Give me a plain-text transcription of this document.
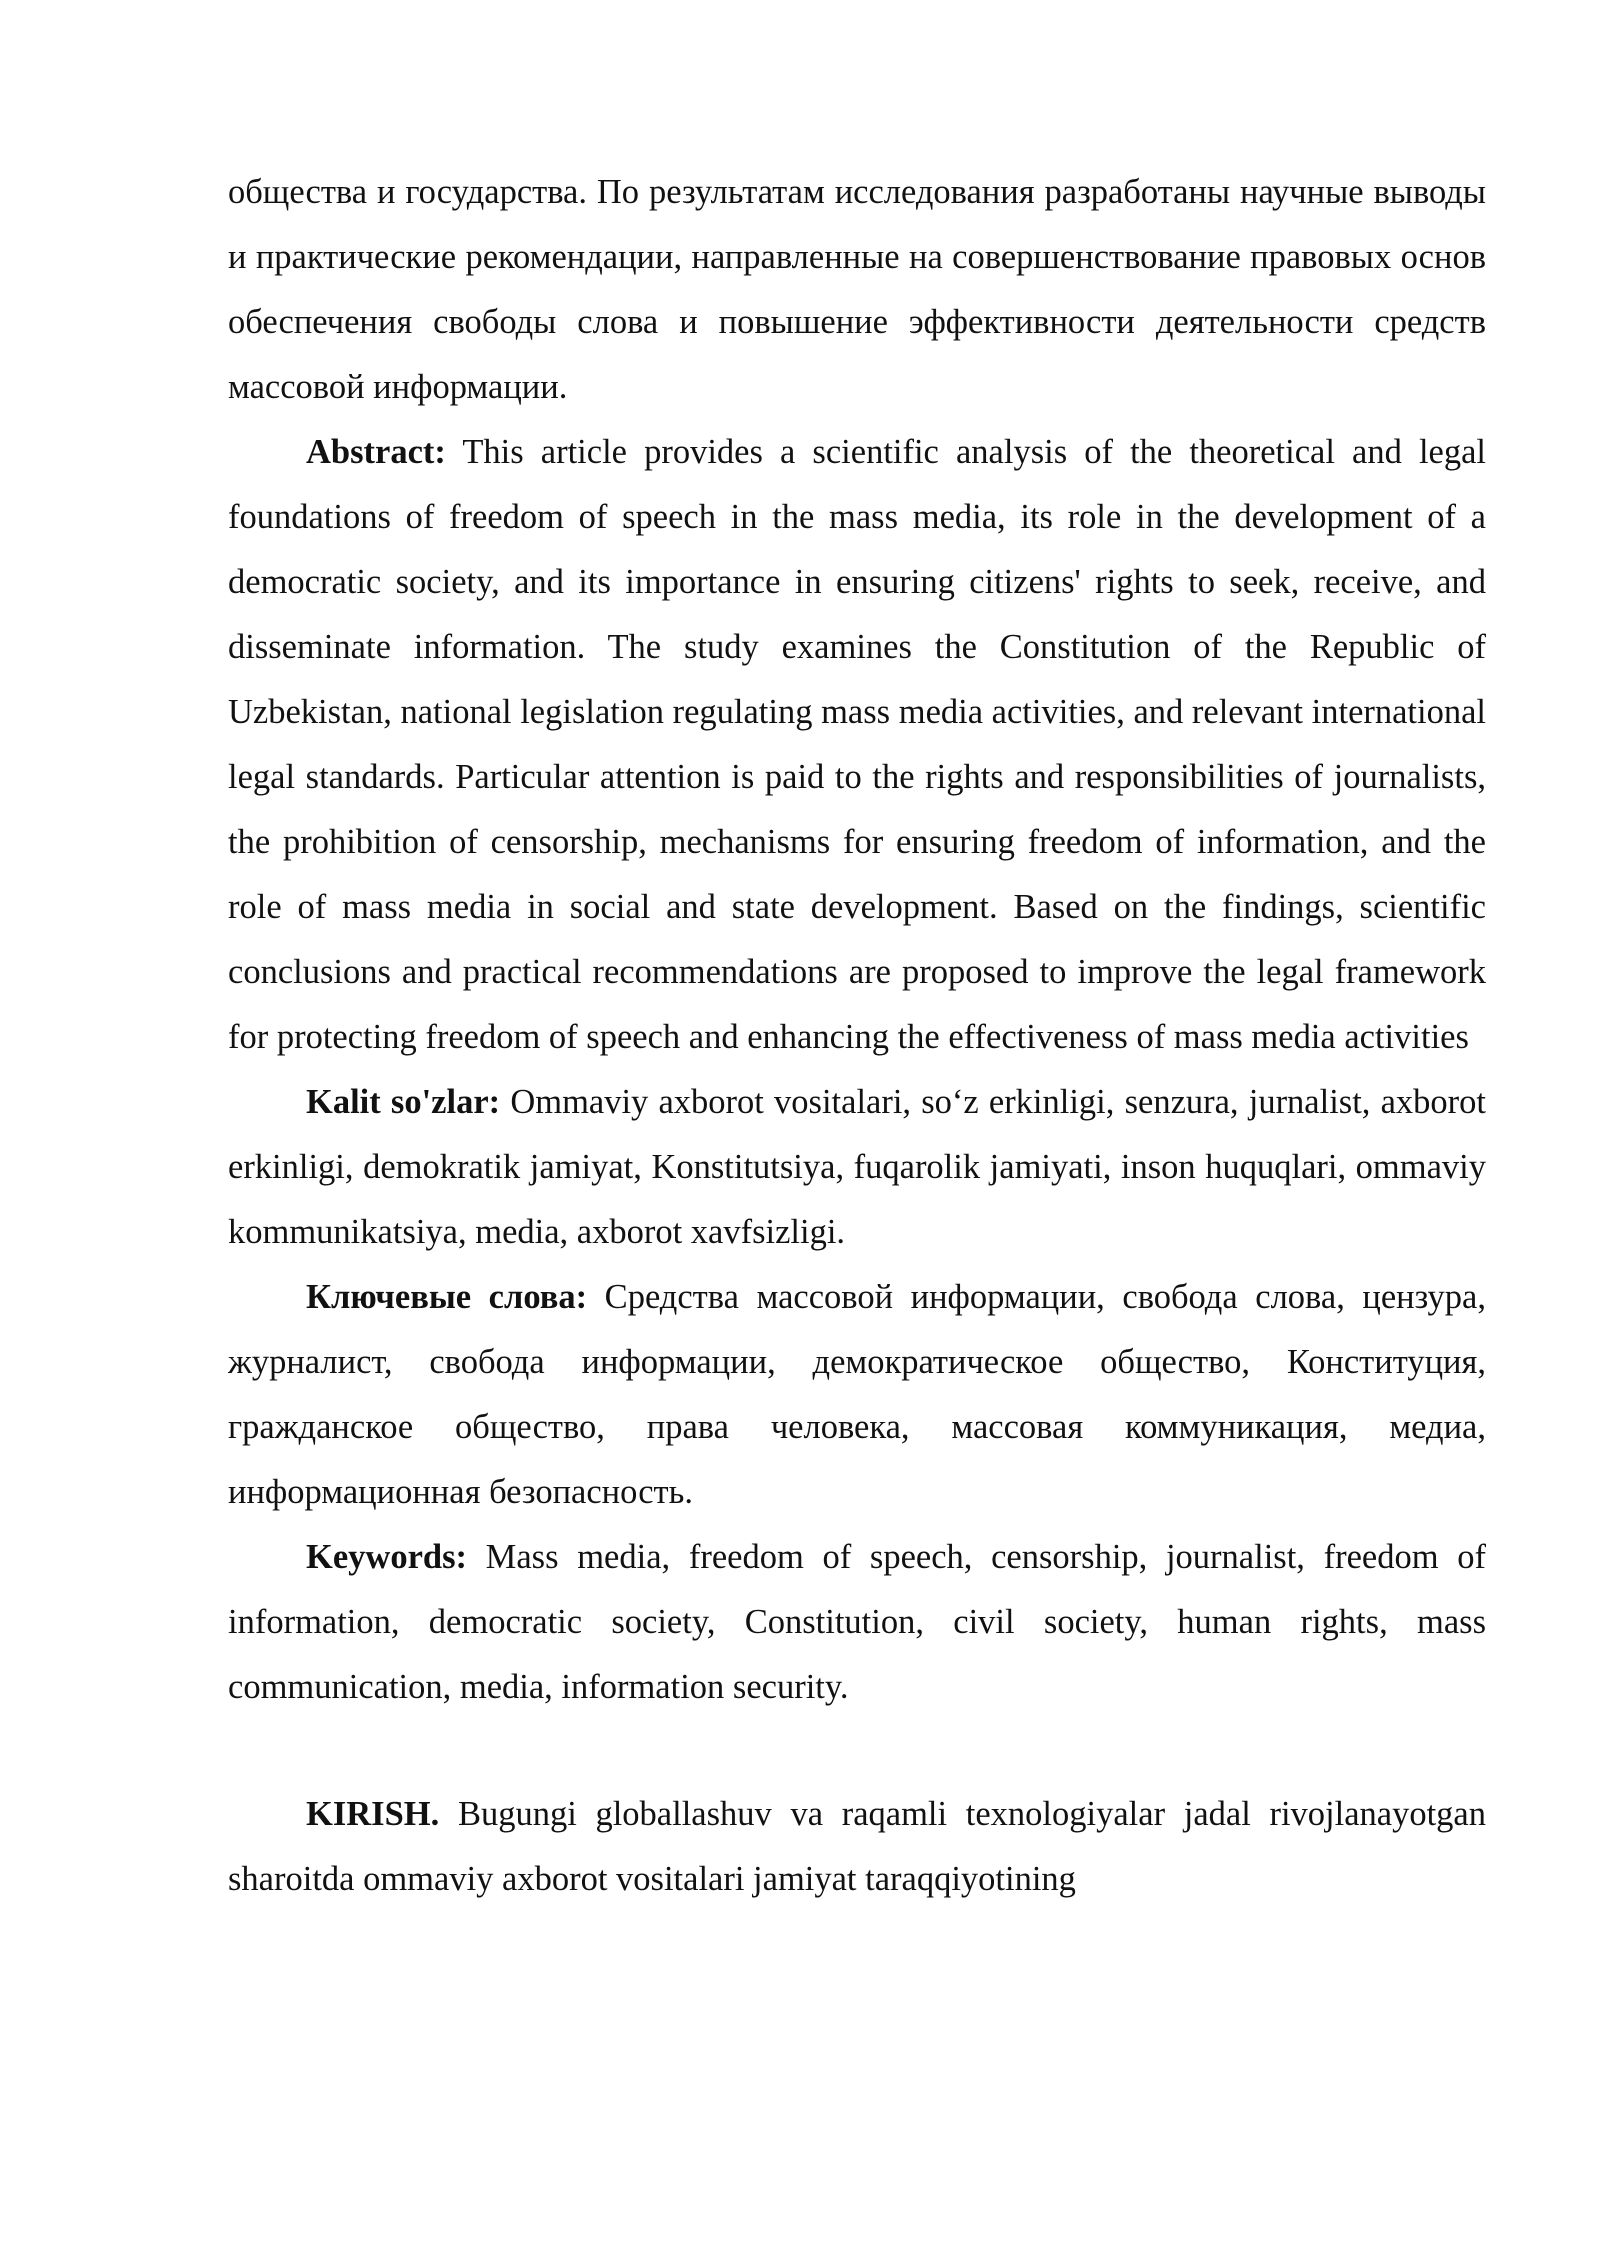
общества и государства. По результатам исследования разработаны научные выводы и практические рекомендации, направленные на совершенствование правовых основ обеспечения свободы слова и повышение эффективности деятельности средств массовой информации.

Abstract: This article provides a scientific analysis of the theoretical and legal foundations of freedom of speech in the mass media, its role in the development of a democratic society, and its importance in ensuring citizens' rights to seek, receive, and disseminate information. The study examines the Constitution of the Republic of Uzbekistan, national legislation regulating mass media activities, and relevant international legal standards. Particular attention is paid to the rights and responsibilities of journalists, the prohibition of censorship, mechanisms for ensuring freedom of information, and the role of mass media in social and state development. Based on the findings, scientific conclusions and practical recommendations are proposed to improve the legal framework for protecting freedom of speech and enhancing the effectiveness of mass media activities

Kalit so'zlar: Ommaviy axborot vositalari, so‘z erkinligi, senzura, jurnalist, axborot erkinligi, demokratik jamiyat, Konstitutsiya, fuqarolik jamiyati, inson huquqlari, ommaviy kommunikatsiya, media, axborot xavfsizligi.

Ключевые слова: Средства массовой информации, свобода слова, цензура, журналист, свобода информации, демократическое общество, Конституция, гражданское общество, права человека, массовая коммуникация, медиа, информационная безопасность.

Keywords: Mass media, freedom of speech, censorship, journalist, freedom of information, democratic society, Constitution, civil society, human rights, mass communication, media, information security.

KIRISH. Bugungi globallashuv va raqamli texnologiyalar jadal rivojlanayotgan sharoitda ommaviy axborot vositalari jamiyat taraqqiyotining
